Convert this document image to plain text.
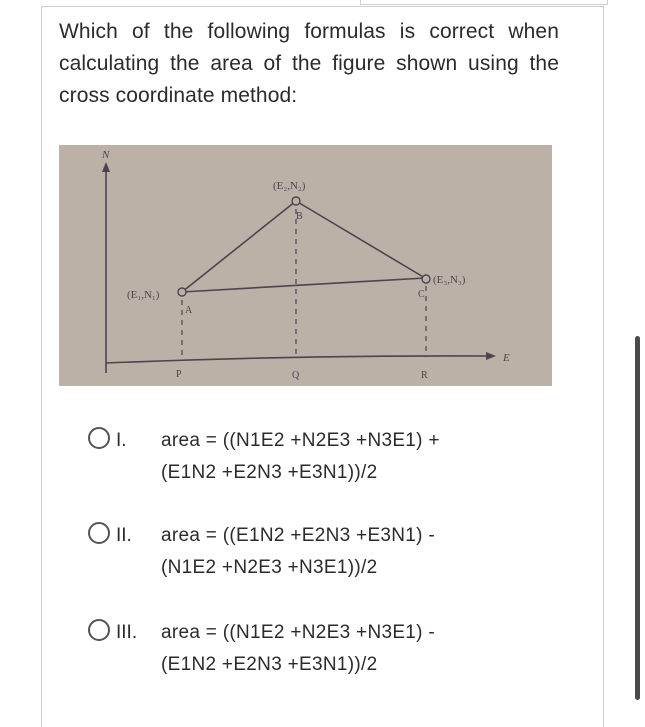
Which of the following formulas is correct when calculating the area of the figure shown using the cross coordinate method:

N
E
(E₁,N₁)
(E₂,N₂)
(E₃,N₃)
A
B
C
P	Q	R
I. area = ((N1E2 +N2E3 +N3E1) +
(E1N2 +E2N3 +E3N1))/2
II. area = ((E1N2 +E2N3 +E3N1) -
(N1E2 +N2E3 +N3E1))/2
III. area = ((N1E2 +N2E3 +N3E1) -
(E1N2 +E2N3 +E3N1))/2
